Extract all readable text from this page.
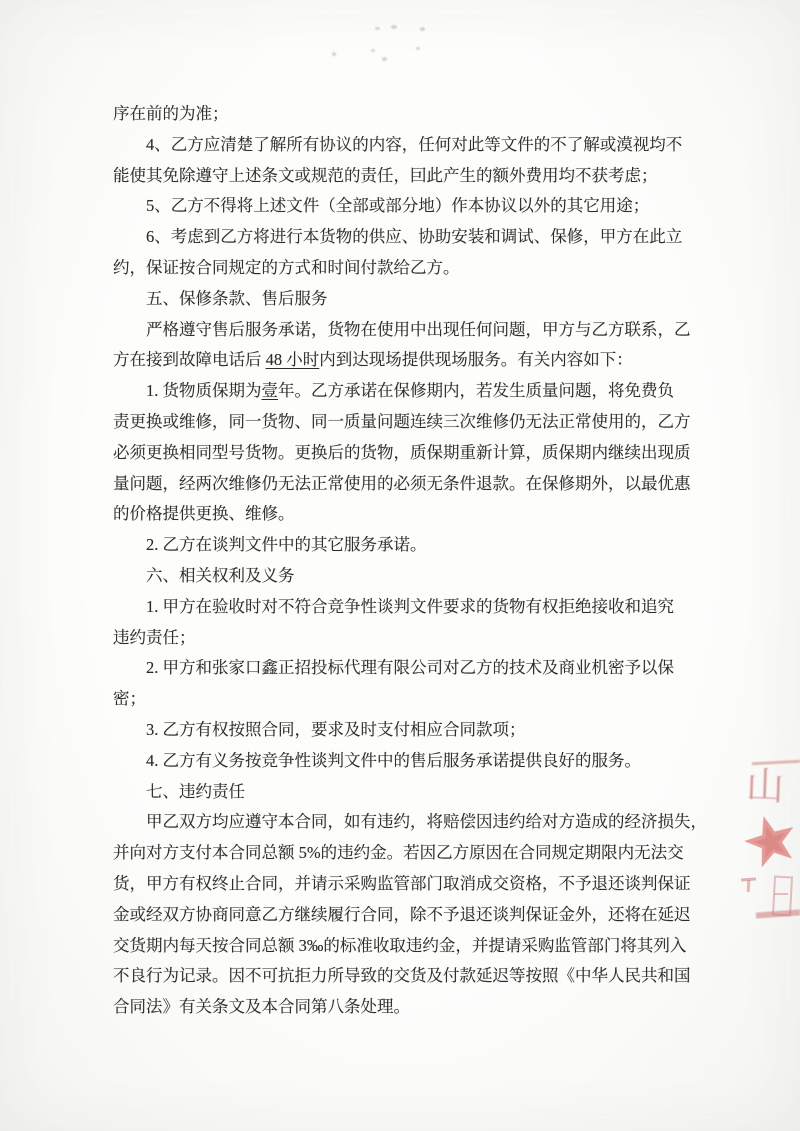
序在前的为准；
4、乙方应清楚了解所有协议的内容，任何对此等文件的不了解或漠视均不
能使其免除遵守上述条文或规范的责任，囙此产生的额外费用均不获考虑；
5、乙方不得将上述文件（全部或部分地）作本协议以外的其它用途；
6、考虑到乙方将进行本货物的供应、协助安装和调试、保修，甲方在此立
约，保证按合同规定的方式和时间付款给乙方。
五、保修条款、售后服务
严格遵守售后服务承诺，货物在使用中出现任何问题，甲方与乙方联系，乙
方在接到故障电话后 48 小时内到达现场提供现场服务。有关内容如下：
1. 货物质保期为壹年。乙方承诺在保修期内，若发生质量问题，将免费负
责更换或维修，同一货物、同一质量问题连续三次维修仍无法正常使用的，乙方
必须更换相同型号货物。更换后的货物，质保期重新计算，质保期内继续出现质
量问题，经两次维修仍无法正常使用的必须无条件退款。在保修期外，以最优惠
的价格提供更换、维修。
2. 乙方在谈判文件中的其它服务承诺。
六、相关权利及义务
1. 甲方在验收时对不符合竞争性谈判文件要求的货物有权拒绝接收和追究
违约责任；
2. 甲方和张家口鑫正招投标代理有限公司对乙方的技术及商业机密予以保
密；
3. 乙方有权按照合同，要求及时支付相应合同款项；
4. 乙方有义务按竞争性谈判文件中的售后服务承诺提供良好的服务。
七、违约责任
甲乙双方均应遵守本合同，如有违约，将赔偿因违约给对方造成的经济损失，
并向对方支付本合同总额 5%的违约金。若因乙方原因在合同规定期限内无法交
货，甲方有权终止合同，并请示采购监管部门取消成交资格，不予退还谈判保证
金或经双方协商同意乙方继续履行合同，除不予退还谈判保证金外，还将在延迟
交货期内每天按合同总额 3‰的标准收取违约金，并提请采购监管部门将其列入
不良行为记录。因不可抗拒力所导致的交货及付款延迟等按照《中华人民共和国
合同法》有关条文及本合同第八条处理。
山
